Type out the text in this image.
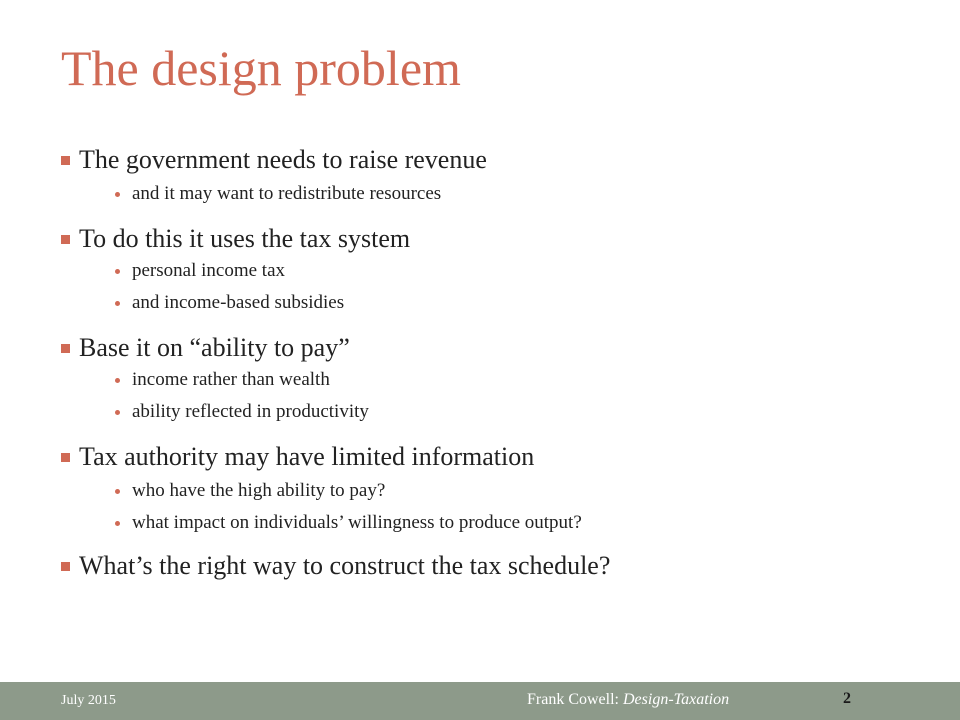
The design problem
The government needs to raise revenue
and it may want to redistribute resources
To do this it uses the tax system
personal income tax
and income-based subsidies
Base it on “ability to pay”
income rather than wealth
ability reflected in productivity
Tax authority may have limited information
who have the high ability to pay?
what impact on individuals’ willingness to produce output?
What’s the right way to construct the tax schedule?
July 2015	Frank Cowell: Design-Taxation	2
